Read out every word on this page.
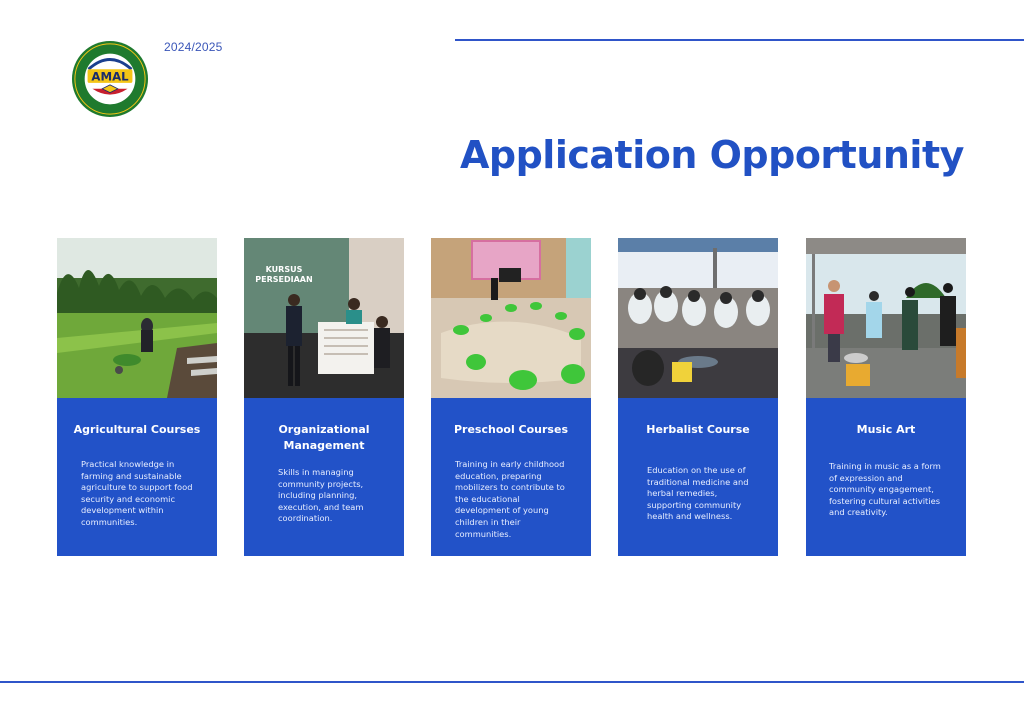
AMAL
2024/2025
Application Opportunity
Agricultural Courses
Practical knowledge in farming and sustainable agriculture to support food security and economic development within communities.
KURSUS
PERSEDIAAN
Organizational Management
Skills in managing community projects, including planning, execution, and team coordination.
Preschool Courses
Training in early childhood education, preparing mobilizers to contribute to the educational development of young children in their communities.
Herbalist Course
Education on the use of traditional medicine and herbal remedies, supporting community health and wellness.
Music Art
Training in music as a form of expression and community engagement, fostering cultural activities and creativity.
